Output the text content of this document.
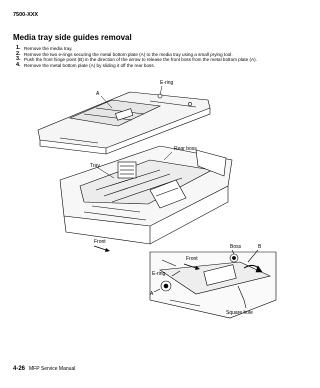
7500-XXX
Media tray side guides removal
1. Remove the media tray.
2. Remove the two e-rings securing the metal bottom plate (A) to the media tray using a small prying tool.
3. Push the front hinge point (B) in the direction of the arrow to release the front boss from the metal bottom plate (A).
4. Remove the metal bottom plate (A) by sliding it off the rear boss.
E-ring
A
Rear boss
Tray
Front
Boss	B
Front
E-ring
A
Square hole
4-26 MFP Service Manual
